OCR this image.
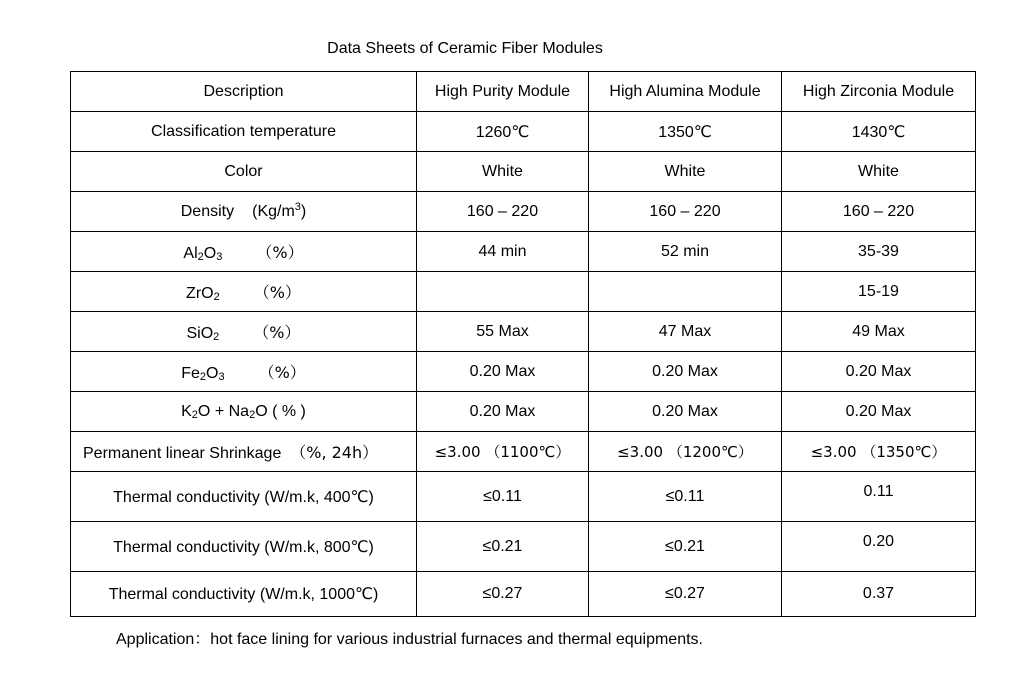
Data Sheets of Ceramic Fiber Modules
Description	High Purity Module	High Alumina Module	High Zirconia Module
Classification temperature	1260℃	1350℃	1430℃
Color	White	White	White
Density $(Kg/m^3)$	160 – 220	160 – 220	160 – 220
$Al_2O_3$ （%）	44 min	52 min	35-39
ZrO$_2$ （%）			15-19
SiO$_2$ （%）	55 Max	47 Max	49 Max
$Fe_2O_3$ （%）	0.20 Max	0.20 Max	0.20 Max
$K_2O + Na_2O$ ( % )	0.20 Max	0.20 Max	0.20 Max
Permanent linear Shrinkage （%, 24h）	≤3.00 （1100℃）	≤3.00 （1200℃）	≤3.00 （1350℃）
Thermal conductivity (W/m.k, 400℃)	≤0.11	≤0.11	0.11
Thermal conductivity (W/m.k, 800℃)	≤0.21	≤0.21	0.20
Thermal conductivity (W/m.k, 1000℃)	≤0.27	≤0.27	0.37
Application：hot face lining for various industrial furnaces and thermal equipments.
